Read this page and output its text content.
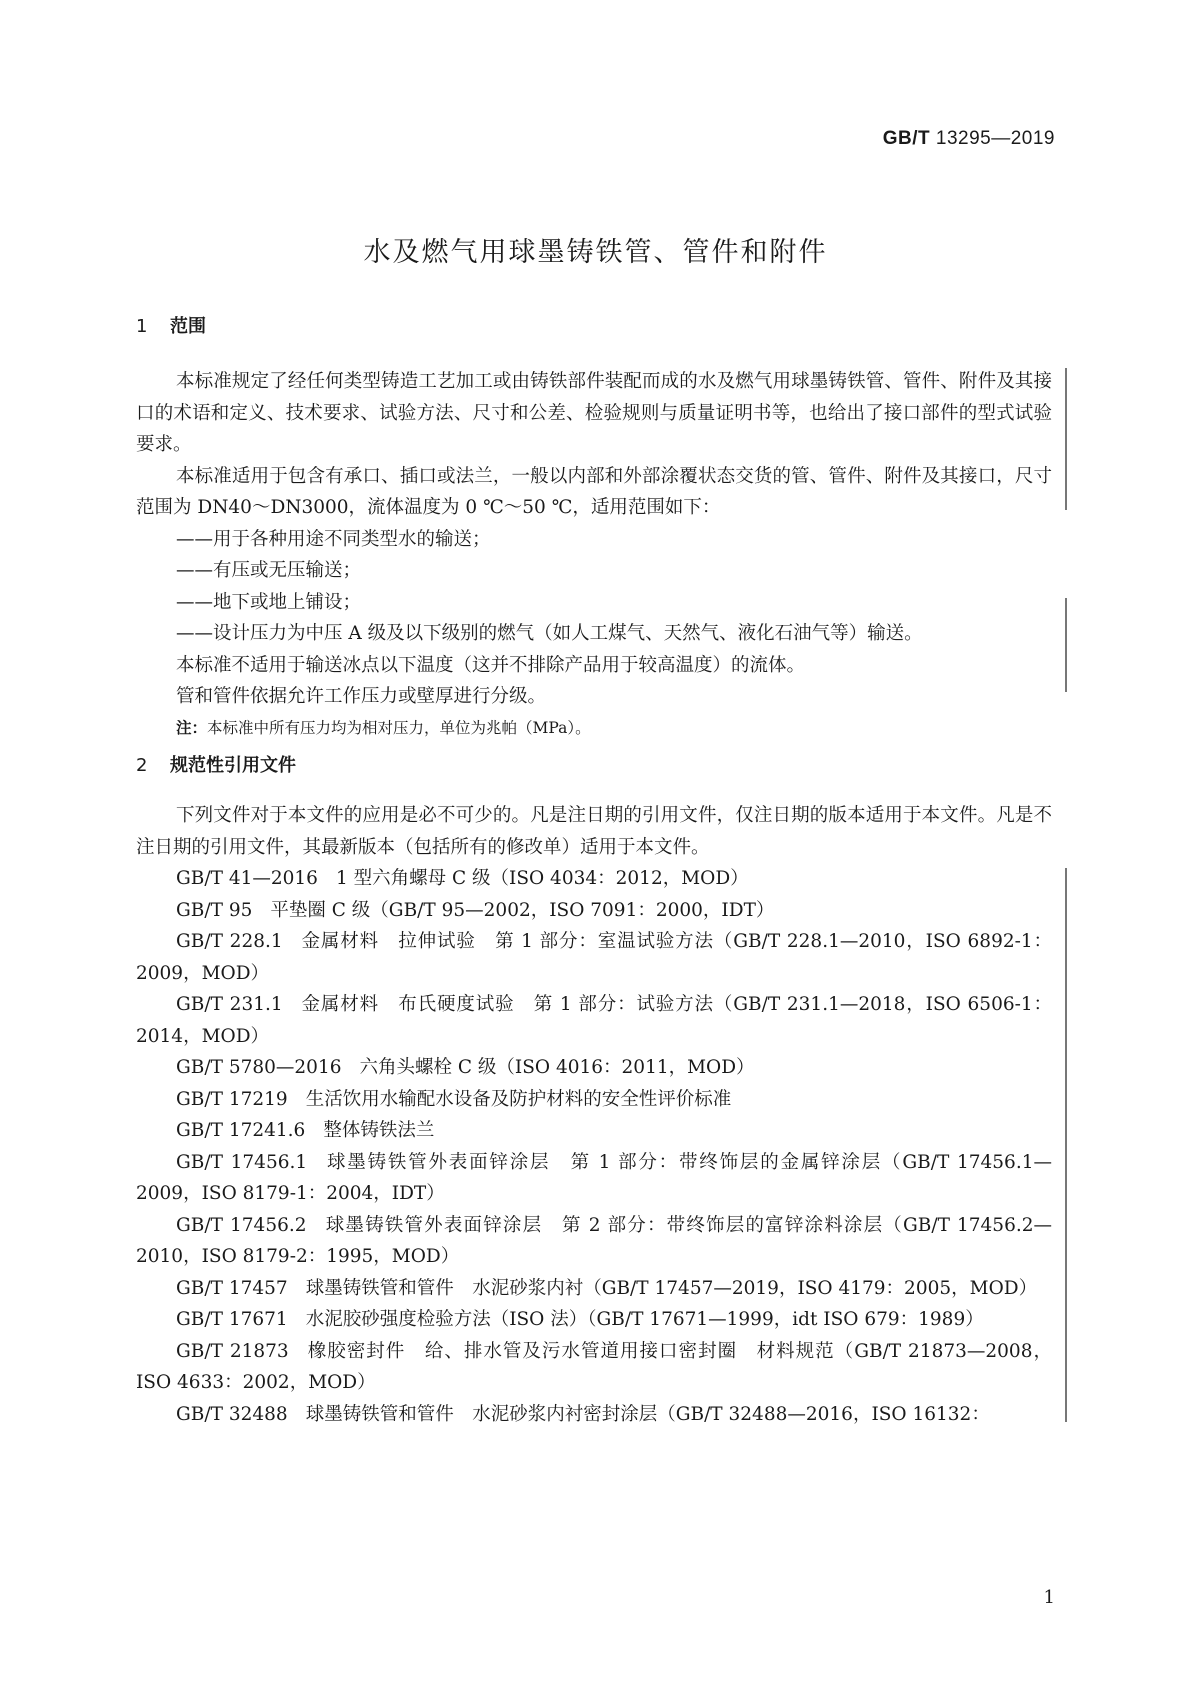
GB/T 13295—2019
水及燃气用球墨铸铁管、管件和附件
1 范围

本标准规定了经任何类型铸造工艺加工或由铸铁部件装配而成的水及燃气用球墨铸铁管、管件、附件及其接口的术语和定义、技术要求、试验方法、尺寸和公差、检验规则与质量证明书等，也给出了接口部件的型式试验要求。

本标准适用于包含有承口、插口或法兰，一般以内部和外部涂覆状态交货的管、管件、附件及其接口，尺寸范围为 DN40～DN3000，流体温度为 0 ℃～50 ℃，适用范围如下：

——用于各种用途不同类型水的输送；

——有压或无压输送；

——地下或地上铺设；

——设计压力为中压 A 级及以下级别的燃气（如人工煤气、天然气、液化石油气等）输送。

本标准不适用于输送冰点以下温度（这并不排除产品用于较高温度）的流体。

管和管件依据允许工作压力或壁厚进行分级。

注：本标准中所有压力均为相对压力，单位为兆帕（MPa）。

2 规范性引用文件

下列文件对于本文件的应用是必不可少的。凡是注日期的引用文件，仅注日期的版本适用于本文件。凡是不注日期的引用文件，其最新版本（包括所有的修改单）适用于本文件。

GB/T 41—2016 1 型六角螺母 C 级（ISO 4034：2012，MOD）

GB/T 95 平垫圈 C 级（GB/T 95—2002，ISO 7091：2000，IDT）

GB/T 228.1 金属材料　拉伸试验　第 1 部分：室温试验方法（GB/T 228.1—2010，ISO 6892-1：2009，MOD）

GB/T 231.1 金属材料　布氏硬度试验　第 1 部分：试验方法（GB/T 231.1—2018，ISO 6506-1：2014，MOD）

GB/T 5780—2016 六角头螺栓 C 级（ISO 4016：2011，MOD）

GB/T 17219 生活饮用水输配水设备及防护材料的安全性评价标准

GB/T 17241.6 整体铸铁法兰

GB/T 17456.1 球墨铸铁管外表面锌涂层　第 1 部分：带终饰层的金属锌涂层（GB/T 17456.1—2009，ISO 8179-1：2004，IDT）

GB/T 17456.2 球墨铸铁管外表面锌涂层　第 2 部分：带终饰层的富锌涂料涂层（GB/T 17456.2—2010，ISO 8179-2：1995，MOD）

GB/T 17457 球墨铸铁管和管件　水泥砂浆内衬（GB/T 17457—2019，ISO 4179：2005，MOD）

GB/T 17671 水泥胶砂强度检验方法（ISO 法）（GB/T 17671—1999，idt ISO 679：1989）

GB/T 21873 橡胶密封件　给、排水管及污水管道用接口密封圈　材料规范（GB/T 21873—2008，ISO 4633：2002，MOD）

GB/T 32488 球墨铸铁管和管件　水泥砂浆内衬密封涂层（GB/T 32488—2016，ISO 16132：

1
